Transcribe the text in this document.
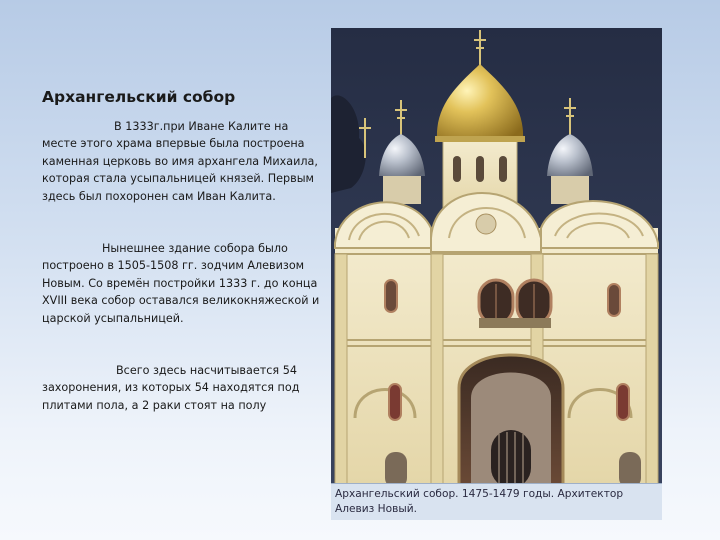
Архангельский собор

В 1333г.при Иване Калите на месте этого храма впервые была построена каменная церковь во имя архангела Михаила, которая стала усыпальницей князей. Первым здесь был похоронен сам Иван Калита.

Нынешнее здание собора было построено в 1505-1508 гг. зодчим Алевизом Новым. Со времён постройки 1333 г. до конца XVIII века собор оставался великокняжеской и царской усыпальницей.

Всего здесь насчитывается 54 захоронения, из которых 54 находятся под плитами пола, а 2 раки стоят на полу

Архангельский собор. 1475-1479 годы. Архитектор Алевиз Новый.
